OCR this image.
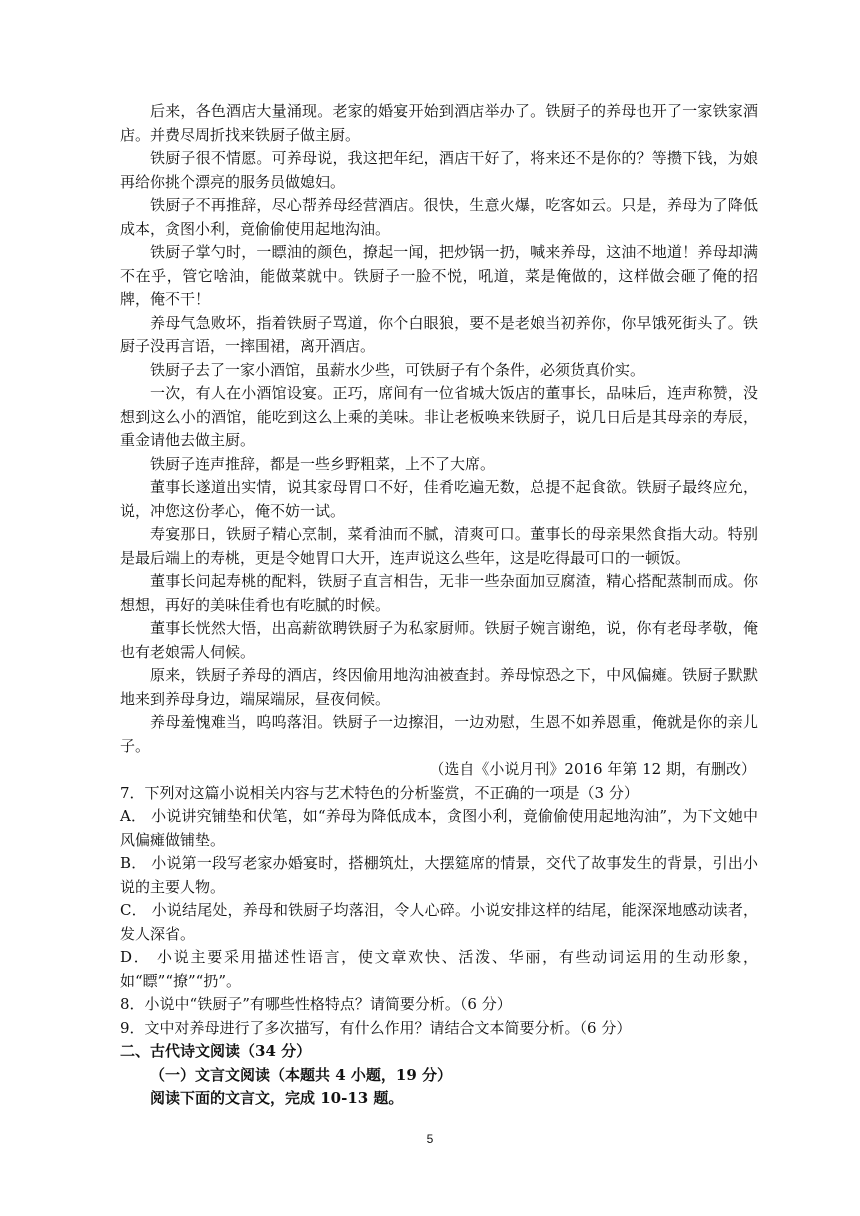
后来，各色酒店大量涌现。老家的婚宴开始到酒店举办了。铁厨子的养母也开了一家铁家酒店。并费尽周折找来铁厨子做主厨。

铁厨子很不情愿。可养母说，我这把年纪，酒店干好了，将来还不是你的？等攒下钱，为娘再给你挑个漂亮的服务员做媳妇。

铁厨子不再推辞，尽心帮养母经营酒店。很快，生意火爆，吃客如云。只是，养母为了降低成本，贪图小利，竟偷偷使用起地沟油。

铁厨子掌勺时，一瞟油的颜色，撩起一闻，把炒锅一扔，喊来养母，这油不地道！养母却满不在乎，管它啥油，能做菜就中。铁厨子一脸不悦，吼道，菜是俺做的，这样做会砸了俺的招牌，俺不干！

养母气急败坏，指着铁厨子骂道，你个白眼狼，要不是老娘当初养你，你早饿死街头了。铁厨子没再言语，一摔围裙，离开酒店。

铁厨子去了一家小酒馆，虽薪水少些，可铁厨子有个条件，必须货真价实。

一次，有人在小酒馆设宴。正巧，席间有一位省城大饭店的董事长，品味后，连声称赞，没想到这么小的酒馆，能吃到这么上乘的美味。非让老板唤来铁厨子，说几日后是其母亲的寿辰，重金请他去做主厨。

铁厨子连声推辞，都是一些乡野粗菜，上不了大席。

董事长遂道出实情，说其家母胃口不好，佳肴吃遍无数，总提不起食欲。铁厨子最终应允，说，冲您这份孝心，俺不妨一试。

寿宴那日，铁厨子精心烹制，菜肴油而不腻，清爽可口。董事长的母亲果然食指大动。特别是最后端上的寿桃，更是令她胃口大开，连声说这么些年，这是吃得最可口的一顿饭。

董事长问起寿桃的配料，铁厨子直言相告，无非一些杂面加豆腐渣，精心搭配蒸制而成。你想想，再好的美味佳肴也有吃腻的时候。

董事长恍然大悟，出高薪欲聘铁厨子为私家厨师。铁厨子婉言谢绝，说，你有老母孝敬，俺也有老娘需人伺候。

原来，铁厨子养母的酒店，终因偷用地沟油被查封。养母惊恐之下，中风偏瘫。铁厨子默默地来到养母身边，端屎端尿，昼夜伺候。

养母羞愧难当，呜呜落泪。铁厨子一边擦泪，一边劝慰，生恩不如养恩重，俺就是你的亲儿子。

（选自《小说月刊》2016 年第 12 期，有删改）

7．下列对这篇小说相关内容与艺术特色的分析鉴赏，不正确的一项是（3 分）

A． 小说讲究铺垫和伏笔，如“养母为降低成本，贪图小利，竟偷偷使用起地沟油”，为下文她中风偏瘫做铺垫。

B． 小说第一段写老家办婚宴时，搭棚筑灶，大摆筵席的情景，交代了故事发生的背景，引出小说的主要人物。

C． 小说结尾处，养母和铁厨子均落泪，令人心碎。小说安排这样的结尾，能深深地感动读者，发人深省。

D． 小说主要采用描述性语言，使文章欢快、活泼、华丽，有些动词运用的生动形象，如“瞟”“撩”“扔”。

8．小说中“铁厨子”有哪些性格特点？请简要分析。（6 分）

9．文中对养母进行了多次描写，有什么作用？请结合文本简要分析。（6 分）

二、古代诗文阅读（34 分）

（一）文言文阅读（本题共 4 小题，19 分）

阅读下面的文言文，完成 10-13 题。

5
